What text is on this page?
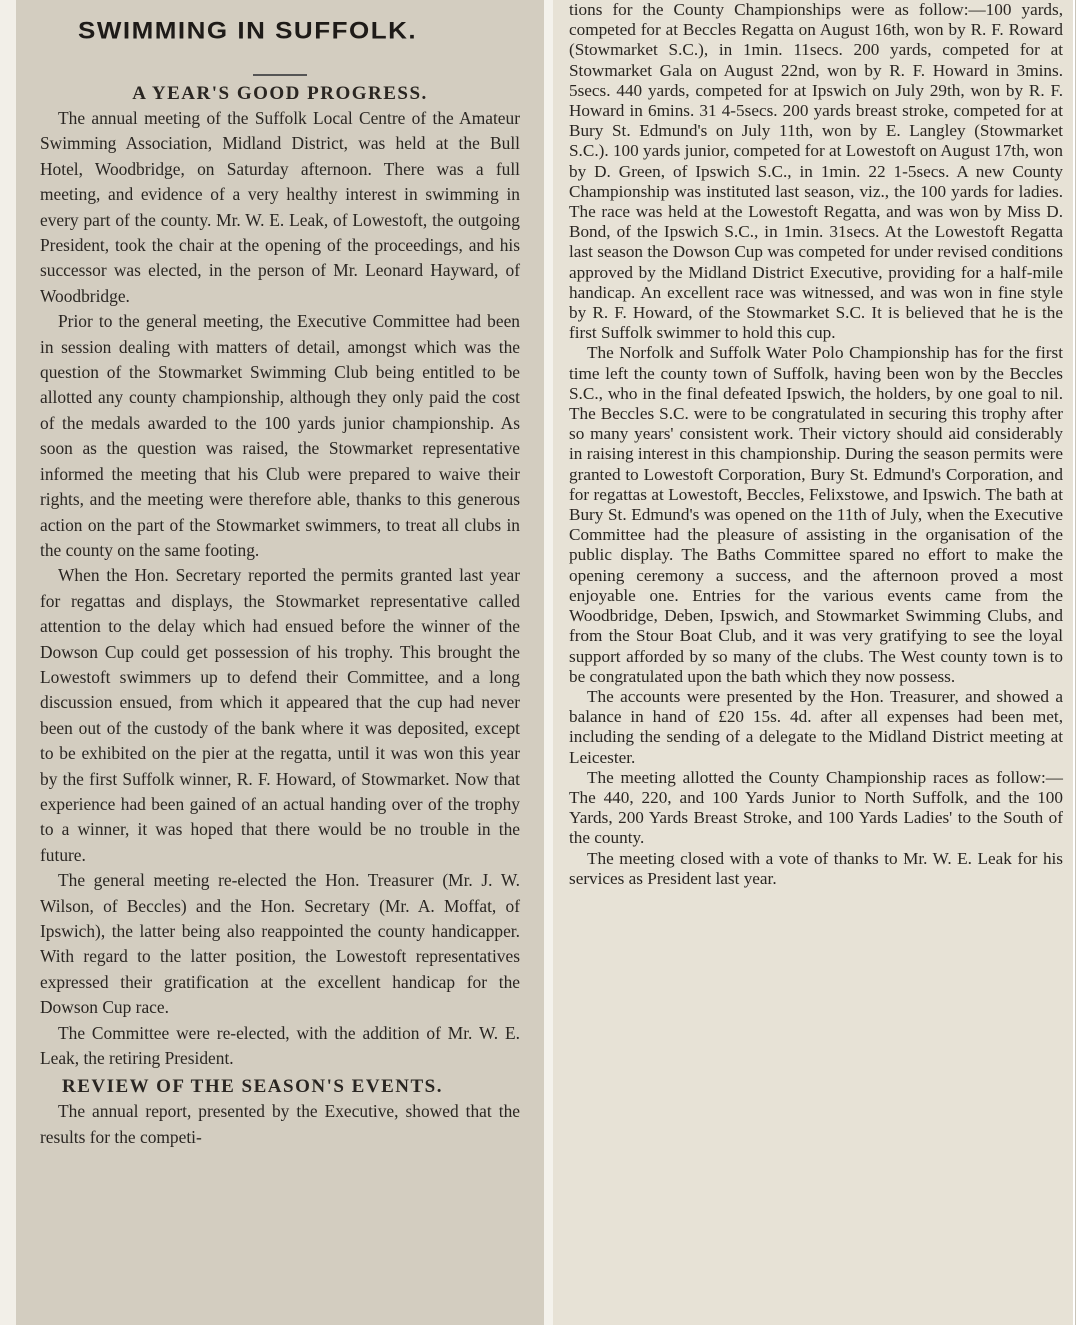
SWIMMING IN SUFFOLK.
A YEAR'S GOOD PROGRESS.

The annual meeting of the Suffolk Local Centre of the Amateur Swimming Association, Midland District, was held at the Bull Hotel, Woodbridge, on Saturday afternoon. There was a full meeting, and evidence of a very healthy interest in swimming in every part of the county. Mr. W. E. Leak, of Lowestoft, the outgoing President, took the chair at the opening of the proceedings, and his successor was elected, in the person of Mr. Leonard Hayward, of Woodbridge.

Prior to the general meeting, the Executive Committee had been in session dealing with matters of detail, amongst which was the question of the Stowmarket Swimming Club being entitled to be allotted any county championship, although they only paid the cost of the medals awarded to the 100 yards junior championship. As soon as the question was raised, the Stowmarket representative informed the meeting that his Club were prepared to waive their rights, and the meeting were therefore able, thanks to this generous action on the part of the Stowmarket swimmers, to treat all clubs in the county on the same footing.

When the Hon. Secretary reported the permits granted last year for regattas and displays, the Stowmarket representative called attention to the delay which had ensued before the winner of the Dowson Cup could get possession of his trophy. This brought the Lowestoft swimmers up to defend their Committee, and a long discussion ensued, from which it appeared that the cup had never been out of the custody of the bank where it was deposited, except to be exhibited on the pier at the regatta, until it was won this year by the first Suffolk winner, R. F. Howard, of Stowmarket. Now that experience had been gained of an actual handing over of the trophy to a winner, it was hoped that there would be no trouble in the future.

The general meeting re-elected the Hon. Treasurer (Mr. J. W. Wilson, of Beccles) and the Hon. Secretary (Mr. A. Moffat, of Ipswich), the latter being also reappointed the county handicapper. With regard to the latter position, the Lowestoft representatives expressed their gratification at the excellent handicap for the Dowson Cup race.

The Committee were re-elected, with the addition of Mr. W. E. Leak, the retiring President.

REVIEW OF THE SEASON'S EVENTS.

The annual report, presented by the Executive, showed that the results for the competi-

tions for the County Championships were as follow:—100 yards, competed for at Beccles Regatta on August 16th, won by R. F. Roward (Stowmarket S.C.), in 1min. 11secs. 200 yards, competed for at Stowmarket Gala on August 22nd, won by R. F. Howard in 3mins. 5secs. 440 yards, competed for at Ipswich on July 29th, won by R. F. Howard in 6mins. 31 4-5secs. 200 yards breast stroke, competed for at Bury St. Edmund's on July 11th, won by E. Langley (Stowmarket S.C.). 100 yards junior, competed for at Lowestoft on August 17th, won by D. Green, of Ipswich S.C., in 1min. 22 1-5secs. A new County Championship was instituted last season, viz., the 100 yards for ladies. The race was held at the Lowestoft Regatta, and was won by Miss D. Bond, of the Ipswich S.C., in 1min. 31secs. At the Lowestoft Regatta last season the Dowson Cup was competed for under revised conditions approved by the Midland District Executive, providing for a half-mile handicap. An excellent race was witnessed, and was won in fine style by R. F. Howard, of the Stowmarket S.C. It is believed that he is the first Suffolk swimmer to hold this cup.

The Norfolk and Suffolk Water Polo Championship has for the first time left the county town of Suffolk, having been won by the Beccles S.C., who in the final defeated Ipswich, the holders, by one goal to nil. The Beccles S.C. were to be congratulated in securing this trophy after so many years' consistent work. Their victory should aid considerably in raising interest in this championship. During the season permits were granted to Lowestoft Corporation, Bury St. Edmund's Corporation, and for regattas at Lowestoft, Beccles, Felixstowe, and Ipswich. The bath at Bury St. Edmund's was opened on the 11th of July, when the Executive Committee had the pleasure of assisting in the organisation of the public display. The Baths Committee spared no effort to make the opening ceremony a success, and the afternoon proved a most enjoyable one. Entries for the various events came from the Woodbridge, Deben, Ipswich, and Stowmarket Swimming Clubs, and from the Stour Boat Club, and it was very gratifying to see the loyal support afforded by so many of the clubs. The West county town is to be congratulated upon the bath which they now possess.

The accounts were presented by the Hon. Treasurer, and showed a balance in hand of £20 15s. 4d. after all expenses had been met, including the sending of a delegate to the Midland District meeting at Leicester.

The meeting allotted the County Championship races as follow:—The 440, 220, and 100 Yards Junior to North Suffolk, and the 100 Yards, 200 Yards Breast Stroke, and 100 Yards Ladies' to the South of the county.

The meeting closed with a vote of thanks to Mr. W. E. Leak for his services as President last year.
